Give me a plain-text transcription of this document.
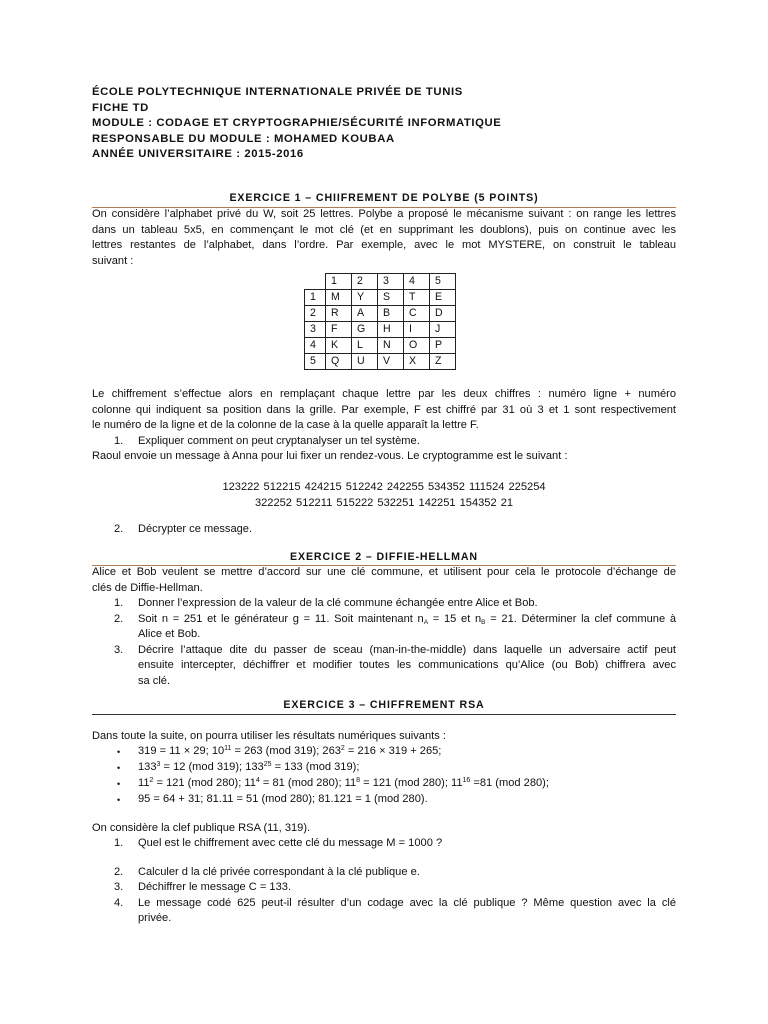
ÉCOLE POLYTECHNIQUE INTERNATIONALE PRIVÉE DE TUNIS
FICHE TD
MODULE : CODAGE ET CRYPTOGRAPHIE/SÉCURITÉ INFORMATIQUE
RESPONSABLE DU MODULE : MOHAMED KOUBAA
ANNÉE UNIVERSITAIRE : 2015-2016
EXERCICE 1 – CHIIFREMENT DE POLYBE (5 POINTS)
On considère l’alphabet privé du W, soit 25 lettres. Polybe a proposé le mécanisme suivant : on range les lettres
dans un tableau 5x5, en commençant le mot clé (et en supprimant les doublons), puis on continue avec les
lettres restantes de l’alphabet, dans l’ordre. Par exemple, avec le mot MYSTERE, on construit le tableau
suivant :
	1	2	3	4	5
1	M	Y	S	T	E
2	R	A	B	C	D
3	F	G	H	I	J
4	K	L	N	O	P
5	Q	U	V	X	Z
Le chiffrement s’effectue alors en remplaçant chaque lettre par les deux chiffres : numéro ligne + numéro
colonne qui indiquent sa position dans la grille. Par exemple, F est chiffré par 31 où 3 et 1 sont respectivement
le numéro de la ligne et de la colonne de la case à la quelle apparaît la lettre F.
1. Expliquer comment on peut cryptanalyser un tel système.
Raoul envoie un message à Anna pour lui fixer un rendez-vous. Le cryptogramme est le suivant :
123222 512215 424215 512242 242255 534352 111524 225254
322252 512211 515222 532251 142251 154352 21
2. Décrypter ce message.
EXERCICE 2 – DIFFIE-HELLMAN
Alice et Bob veulent se mettre d’accord sur une clé commune, et utilisent pour cela le protocole d’échange de
clés de Diffie-Hellman.
1. Donner l’expression de la valeur de la clé commune échangée entre Alice et Bob.
2. Soit n = 251 et le générateur g = 11. Soit maintenant $n_A = 15$ et $n_B = 21$. Déterminer la clef commune à
Alice et Bob.
3. Décrire l’attaque dite du passer de sceau (man-in-the-middle) dans laquelle un adversaire actif peut
ensuite intercepter, déchiffrer et modifier toutes les communications qu’Alice (ou Bob) chiffrera avec
sa clé.
EXERCICE 3 – CHIFFREMENT RSA
Dans toute la suite, on pourra utiliser les résultats numériques suivants :
• 319 = 11 × 29; $10^{11} = 263$ (mod 319); $263^2 = 216 \times 319 + 265$;
• $133^3 = 12$ (mod 319); $133^{25} = 133$ (mod 319);
• $11^2 = 121$ (mod 280); $11^4 = 81$ (mod 280); $11^8 = 121$ (mod 280); $11^{16} =81$ (mod 280);
• 95 = 64 + 31; 81.11 = 51 (mod 280); 81.121 = 1 (mod 280).
On considère la clef publique RSA (11, 319).
1. Quel est le chiffrement avec cette clé du message M = 1000 ?
2. Calculer d la clé privée correspondant à la clé publique e.
3. Déchiffrer le message C = 133.
4. Le message codé 625 peut-il résulter d’un codage avec la clé publique ? Même question avec la clé
privée.
